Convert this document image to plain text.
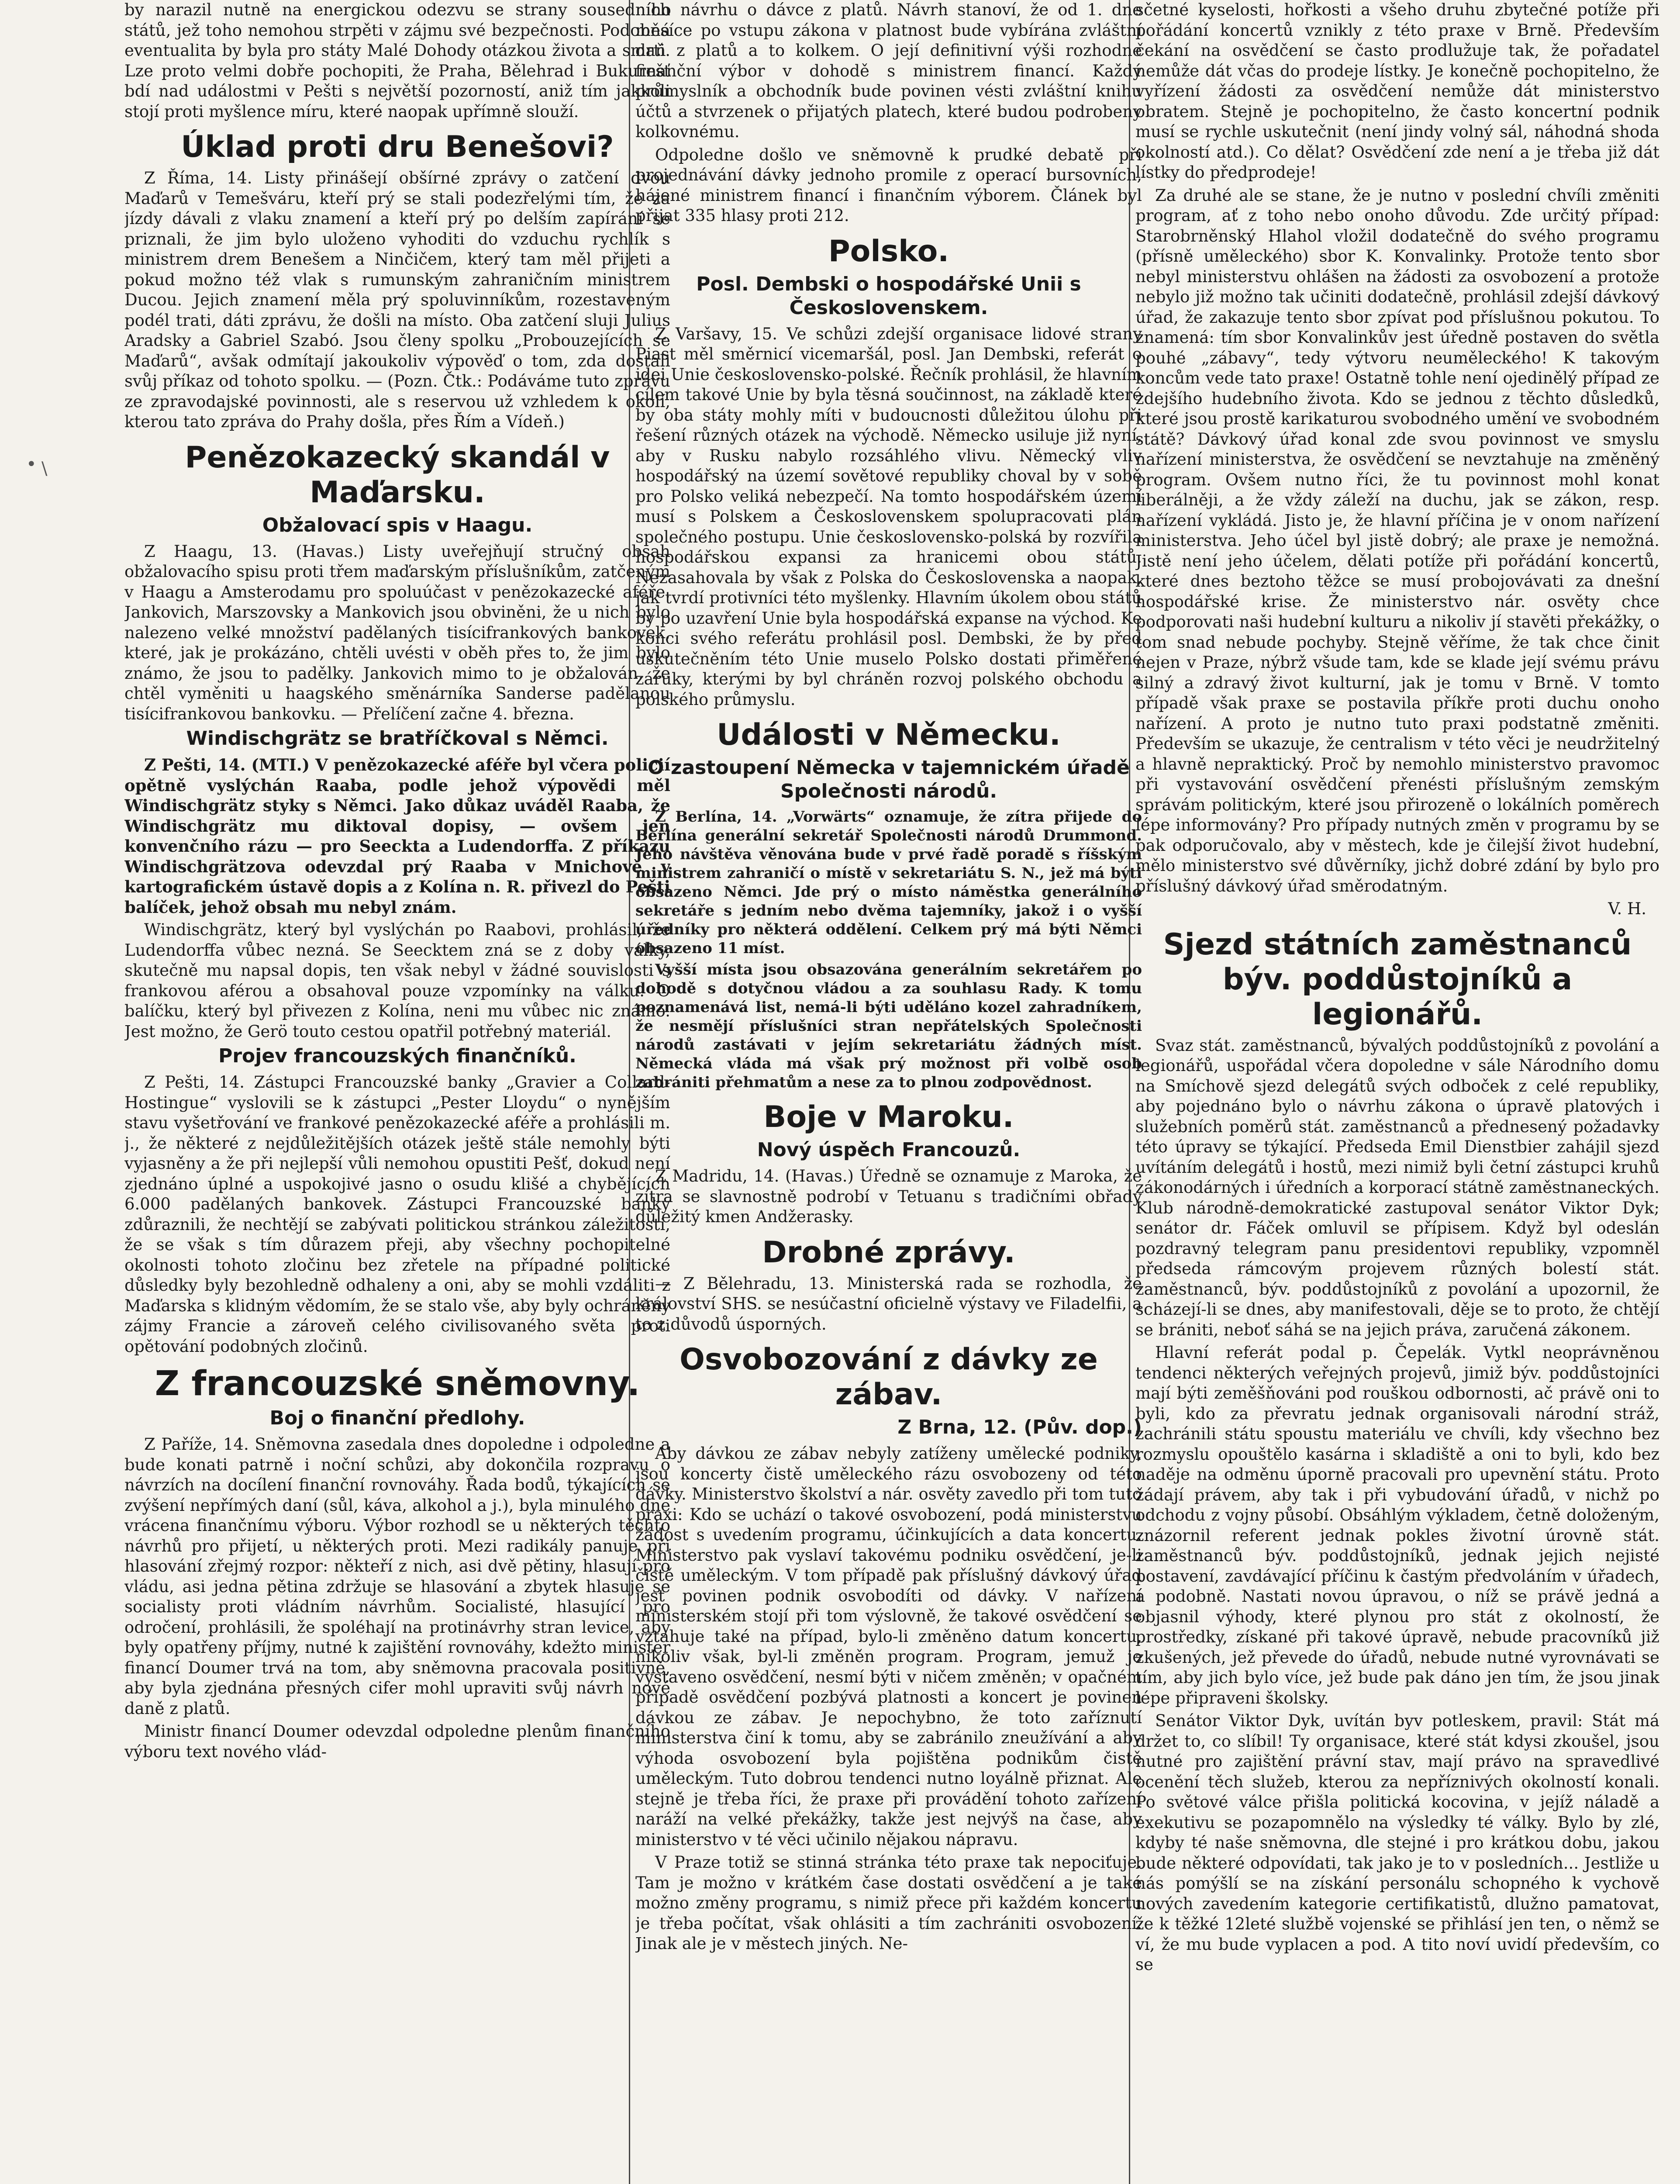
• \

by narazil nutně na energickou odezvu se strany sousedních států, jež toho nemohou strpěti v zájmu své bezpečnosti. Podobná eventualita by byla pro státy Malé Dohody otázkou života a smrti. Lze proto velmi dobře pochopiti, že Praha, Bělehrad i Bukurešť bdí nad událostmi v Pešti s největší pozorností, aniž tím jakkoli stojí proti myšlence míru, které naopak upřímně slouží.

Úklad proti dru Benešovi?

Z Říma, 14. Listy přinášejí obšírné zprávy o zatčení dvou Maďarů v Temešváru, kteří prý se stali podezřelými tím, že za jízdy dávali z vlaku znamení a kteří prý po delším zapírání se priznali, že jim bylo uloženo vyhoditi do vzduchu rychlík s ministrem drem Benešem a Ninčičem, který tam měl přijeti a pokud možno též vlak s rumunským zahraničním ministrem Ducou. Jejich znamení měla prý spoluvinníkům, rozestaveným podél trati, dáti zprávu, že došli na místo. Oba zatčení sluji Julius Aradsky a Gabriel Szabó. Jsou členy spolku „Probouzejících se Maďarů“, avšak odmítají jakoukoliv výpověď o tom, zda dostali svůj příkaz od tohoto spolku. — (Pozn. Čtk.: Podáváme tuto zprávu ze zpravodajské povinnosti, ale s reservou už vzhledem k okolí, kterou tato zpráva do Prahy došla, přes Řím a Vídeň.)

Penězokazecký skandál v Maďarsku.
Obžalovací spis v Haagu.

Z Haagu, 13. (Havas.) Listy uveřejňují stručný obsah obžalovacího spisu proti třem maďarským příslušníkům, zatčeným v Haagu a Amsterodamu pro spoluúčast v penězokazecké aféře. Jankovich, Marszovsky a Mankovich jsou obviněni, že u nich bylo nalezeno velké množství padělaných tisícifrankových bankovek, které, jak je prokázáno, chtěli uvésti v oběh přes to, že jim bylo známo, že jsou to padělky. Jankovich mimo to je obžalován, že chtěl vyměniti u haagského směnárníka Sanderse padělanou tisícifrankovou bankovku. — Přelíčení začne 4. března.

Windischgrätz se bratříčkoval s Němci.

Z Pešti, 14. (MTI.) V penězokazecké aféře byl včera policií opětně vyslýchán Raaba, podle jehož výpovědi měl Windischgrätz styky s Němci. Jako důkaz uváděl Raaba, že Windischgrätz mu diktoval dopisy, — ovšem jen konvenčního rázu — pro Seeckta a Ludendorffa. Z příkazu Windischgrätzova odevzdal prý Raaba v Mnichově v kartografickém ústavě dopis a z Kolína n. R. přivezl do Pešti balíček, jehož obsah mu nebyl znám.

Windischgrätz, který byl vyslýchán po Raabovi, prohlásil, že Ludendorffa vůbec nezná. Se Seecktem zná se z doby války, skutečně mu napsal dopis, ten však nebyl v žádné souvislosti s frankovou aférou a obsahoval pouze vzpomínky na válku. O balíčku, který byl přivezen z Kolína, neni mu vůbec nic známo. Jest možno, že Gerö touto cestou opatřil potřebný materiál.

Projev francouzských finančníků.

Z Pešti, 14. Zástupci Francouzské banky „Gravier a Collard-Hostingue“ vyslovili se k zástupci „Pester Lloydu“ o nynějším stavu vyšetřování ve frankové penězokazecké aféře a prohlásili m. j., že některé z nejdůležitějších otázek ještě stále nemohly býti vyjasněny a že při nejlepší vůli nemohou opustiti Pešť, dokud není zjednáno úplné a uspokojivé jasno o osudu klišé a chybějících 6.000 padělaných bankovek. Zástupci Francouzské banky zdůraznili, že nechtějí se zabývati politickou stránkou záležitosti, že se však s tím důrazem přeji, aby všechny pochopitelné okolnosti tohoto zločinu bez zřetele na případné politické důsledky byly bezohledně odhaleny a oni, aby se mohli vzdáliti z Maďarska s klidným vědomím, že se stalo vše, aby byly ochráněny zájmy Francie a zároveň celého civilisovaného světa proti opětování podobných zločinů.

Z francouzské sněmovny.
Boj o finanční předlohy.

Z Paříže, 14. Sněmovna zasedala dnes dopoledne i odpoledne a bude konati patrně i noční schůzi, aby dokončila rozpravu o návrzích na docílení finanční rovnováhy. Řada bodů, týkajících se zvýšení nepřímých daní (sůl, káva, alkohol a j.), byla minulého dne vrácena finančnímu výboru. Výbor rozhodl se u některých těchto návrhů pro přijetí, u některých proti. Mezi radikály panuje při hlasování zřejmý rozpor: někteří z nich, asi dvě pětiny, hlasují pro vládu, asi jedna pětina zdržuje se hlasování a zbytek hlasuje se socialisty proti vládním návrhům. Socialisté, hlasující pro odročení, prohlásili, že spoléhají na protinávrhy stran levice, aby byly opatřeny příjmy, nutné k zajištění rovnováhy, kdežto minister financí Doumer trvá na tom, aby sněmovna pracovala positivně, aby byla zjednána přesných cifer mohl upraviti svůj návrh nové daně z platů.

Ministr financí Doumer odevzdal odpoledne plenům finančního výboru text nového vlád-

ního návrhu o dávce z platů. Návrh stanoví, že od 1. dne měsíce po vstupu zákona v platnost bude vybírána zvláštní daň z platů a to kolkem. O její definitivní výši rozhodne finanční výbor v dohodě s ministrem financí. Každý průmyslník a obchodník bude povinen vésti zvláštní knihu účtů a stvrzenek o přijatých platech, které budou podrobeny kolkovnému.

Odpoledne došlo ve sněmovně k prudké debatě při projednávání dávky jednoho promile z operací bursovních, hájené ministrem financí i finančním výborem. Článek byl přijat 335 hlasy proti 212.

Polsko.
Posl. Dembski o hospodářské Unii s Československem.

Z Varšavy, 15. Ve schůzi zdejší organisace lidové strany Piast měl směrnicí vicemaršál, posl. Jan Dembski, referát o idei Unie československo-polské. Řečník prohlásil, že hlavním cílem takové Unie by byla těsná součinnost, na základě které by oba státy mohly míti v budoucnosti důležitou úlohu při řešení různých otázek na východě. Německo usiluje již nyní, aby v Rusku nabylo rozsáhlého vlivu. Německý vliv hospodářský na území sovětové republiky choval by v sobě pro Polsko veliká nebezpečí. Na tomto hospodářském území musí s Polskem a Československem spolupracovati plán společného postupu. Unie československo-polská by rozvířila hospodářskou expansi za hranicemi obou států. Nezasahovala by však z Polska do Československa a naopak, jak tvrdí protivníci této myšlenky. Hlavním úkolem obou států by po uzavření Unie byla hospodářská expanse na východ. Ke konci svého referátu prohlásil posl. Dembski, že by před uskutečněním této Unie muselo Polsko dostati přiměřené záruky, kterými by byl chráněn rozvoj polského obchodu a polského průmyslu.

Události v Německu.
O zastoupení Německa v tajemnickém úřadě Společnosti národů.

Z Berlína, 14. „Vorwärts“ oznamuje, že zítra přijede do Berlína generální sekretář Společnosti národů Drummond. Jeho návštěva věnována bude v prvé řadě poradě s říšským ministrem zahraničí o místě v sekretariátu S. N., jež má býti obsazeno Němci. Jde prý o místo náměstka generálního sekretáře s jedním nebo dvěma tajemníky, jakož i o vyšší úředníky pro některá oddělení. Celkem prý má býti Němci obsazeno 11 míst.

Vyšší místa jsou obsazována generálním sekretářem po dohodě s dotyčnou vládou a za souhlasu Rady. K tomu poznamenává list, nemá-li býti uděláno kozel zahradníkem, že nesmějí příslušníci stran nepřátelských Společnosti národů zastávati v jejím sekretariátu žádných míst. Německá vláda má však prý možnost při volbě osob zabrániti přehmatům a nese za to plnou zodpovědnost.

Boje v Maroku.
Nový úspěch Francouzů.

Z Madridu, 14. (Havas.) Úředně se oznamuje z Maroka, že zítra se slavnostně podrobí v Tetuanu s tradičními obřady důležitý kmen Andžerasky.

Drobné zprávy.

— Z Bělehradu, 13. Ministerská rada se rozhodla, že království SHS. se nesúčastní oficielně výstavy ve Filadelfii, a to z důvodů úsporných.

Osvobozování z dávky ze zábav.
Z Brna, 12. (Pův. dop.)

Aby dávkou ze zábav nebyly zatíženy umělecké podniky, jsou koncerty čistě uměleckého rázu osvobozeny od této dávky. Ministerstvo školství a nár. osvěty zavedlo při tom tuto praxi: Kdo se uchází o takové osvobození, podá ministerstvu žádost s uvedením programu, účinkujících a data koncertu. Ministerstvo pak vyslaví takovému podniku osvědčení, je-li čistě uměleckým. V tom případě pak příslušný dávkový úřad jest povinen podnik osvobodíti od dávky. V nařízení ministerském stojí při tom výslovně, že takové osvědčení se vztahuje také na případ, bylo-li změněno datum koncertu, nikoliv však, byl-li změněn program. Program, jemuž je vystaveno osvědčení, nesmí býti v ničem změněn; v opačném případě osvědčení pozbývá platnosti a koncert je povinen dávkou ze zábav. Je nepochybno, že toto zaříznutí ministerstva činí k tomu, aby se zabránilo zneužívání a aby výhoda osvobození byla pojištěna podnikům čistě uměleckým. Tuto dobrou tendenci nutno loyálně přiznat. Ale stejně je třeba říci, že praxe při provádění tohoto zařízení naráží na velké překážky, takže jest nejvýš na čase, aby ministerstvo v té věci učinilo nějakou nápravu.

V Praze totiž se stinná stránka této praxe tak nepociťuje. Tam je možno v krátkém čase dostati osvědčení a je také možno změny programu, s nimiž přece při každém koncertu je třeba počítat, však ohlásiti a tím zachrániti osvobození. Jinak ale je v městech jiných. Ne-

sčetné kyselosti, hořkosti a všeho druhu zbytečné potíže při pořádání koncertů vznikly z této praxe v Brně. Především čekání na osvědčení se často prodlužuje tak, že pořadatel nemůže dát včas do prodeje lístky. Je konečně pochopitelno, že vyřízení žádosti za osvědčení nemůže dát ministerstvo obratem. Stejně je pochopitelno, že často koncertní podnik musí se rychle uskutečnit (není jindy volný sál, náhodná shoda okolností atd.). Co dělat? Osvědčení zde není a je třeba již dát lístky do předprodeje!

Za druhé ale se stane, že je nutno v poslední chvíli změniti program, ať z toho nebo onoho důvodu. Zde určitý případ: Starobrněnský Hlahol vložil dodatečně do svého programu (přísně uměleckého) sbor K. Konvalinky. Protože tento sbor nebyl ministerstvu ohlášen na žádosti za osvobození a protože nebylo již možno tak učiniti dodatečně, prohlásil zdejší dávkový úřad, že zakazuje tento sbor zpívat pod příslušnou pokutou. To znamená: tím sbor Konvalinkův jest úředně postaven do světla pouhé „zábavy“, tedy výtvoru neuměleckého! K takovým koncům vede tato praxe! Ostatně tohle není ojedinělý případ ze zdejšího hudebního života. Kdo se jednou z těchto důsledků, které jsou prostě karikaturou svobodného umění ve svobodném státě? Dávkový úřad konal zde svou povinnost ve smyslu nařízení ministerstva, že osvědčení se nevztahuje na změněný program. Ovšem nutno říci, že tu povinnost mohl konat liberálněji, a že vždy záleží na duchu, jak se zákon, resp. nařízení vykládá. Jisto je, že hlavní příčina je v onom nařízení ministerstva. Jeho účel byl jistě dobrý; ale praxe je nemožná. Jistě není jeho účelem, dělati potíže při pořádání koncertů, které dnes beztoho těžce se musí probojovávati za dnešní hospodářské krise. Že ministerstvo nár. osvěty chce podporovati naši hudební kulturu a nikoliv jí stavěti překážky, o tom snad nebude pochyby. Stejně věříme, že tak chce činit nejen v Praze, nýbrž všude tam, kde se klade její svému právu silný a zdravý život kulturní, jak je tomu v Brně. V tomto případě však praxe se postavila příkře proti duchu onoho nařízení. A proto je nutno tuto praxi podstatně změniti. Především se ukazuje, že centralism v této věci je neudržitelný a hlavně nepraktický. Proč by nemohlo ministerstvo pravomoc při vystavování osvědčení přenésti příslušným zemským správám politickým, které jsou přirozeně o lokálních poměrech lépe informovány? Pro případy nutných změn v programu by se pak odporučovalo, aby v městech, kde je čilejší život hudební, mělo ministerstvo své důvěrníky, jichž dobré zdání by bylo pro příslušný dávkový úřad směrodatným.

V. H.
Sjezd státních zaměstnanců býv. poddůstojníků a legionářů.

Svaz stát. zaměstnanců, bývalých poddůstojníků z povolání a legionářů, uspořádal včera dopoledne v sále Národního domu na Smíchově sjezd delegátů svých odboček z celé republiky, aby pojednáno bylo o návrhu zákona o úpravě platových i služebních poměrů stát. zaměstnanců a přednesený požadavky této úpravy se týkající. Předseda Emil Dienstbier zahájil sjezd uvítáním delegátů i hostů, mezi nimiž byli četní zástupci kruhů zákonodárných i úředních a korporací státně zaměstnaneckých. Klub národně-demokratické zastupoval senátor Viktor Dyk; senátor dr. Fáček omluvil se přípisem. Když byl odeslán pozdravný telegram panu presidentovi republiky, vzpomněl předseda rámcovým projevem různých bolestí stát. zaměstnanců, býv. poddůstojníků z povolání a upozornil, že scházejí-li se dnes, aby manifestovali, děje se to proto, že chtějí se brániti, neboť sáhá se na jejich práva, zaručená zákonem.

Hlavní referát podal p. Čepelák. Vytkl neoprávněnou tendenci některých veřejných projevů, jimiž býv. poddůstojníci mají býti zeměšňováni pod rouškou odbornosti, ač právě oni to byli, kdo za převratu jednak organisovali národní stráž, zachránili státu spoustu materiálu ve chvíli, kdy všechno bez rozmyslu opouštělo kasárna i skladiště a oni to byli, kdo bez naděje na odměnu úporně pracovali pro upevnění státu. Proto žádají právem, aby tak i při vybudování úřadů, v nichž po odchodu z vojny působí. Obsáhlým výkladem, četně doloženým, znázornil referent jednak pokles životní úrovně stát. zaměstnanců býv. poddůstojníků, jednak jejich nejisté postavení, zavdávající příčinu k častým předvoláním v úřadech, a podobně. Nastati novou úpravou, o níž se právě jedná a objasnil výhody, které plynou pro stát z okolností, že prostředky, získané při takové úpravě, nebude pracovníků již zkušených, jež převede do úřadů, nebude nutné vyrovnávati se tím, aby jich bylo více, jež bude pak dáno jen tím, že jsou jinak lépe připraveni školsky.

Senátor Viktor Dyk, uvítán byv potleskem, pravil: Stát má držet to, co slíbil! Ty organisace, které stát kdysi zkoušel, jsou nutné pro zajištění právní stav, mají právo na spravedlivé ocenění těch služeb, kterou za nepříznivých okolností konali. Po světové válce přišla politická kocovina, v jejíž náladě a exekutivu se pozapomnělo na výsledky té války. Bylo by zlé, kdyby té naše sněmovna, dle stejné i pro krátkou dobu, jakou bude některé odpovídati, tak jako je to v posledních... Jestliže u nás pomýšlí se na získání personálu schopného k vychově nových zavedením kategorie certifikatistů, dlužno pamatovat, že k těžké 12leté službě vojenské se přihlásí jen ten, o němž se ví, že mu bude vyplacen a pod. A tito noví uvidí především, co se
